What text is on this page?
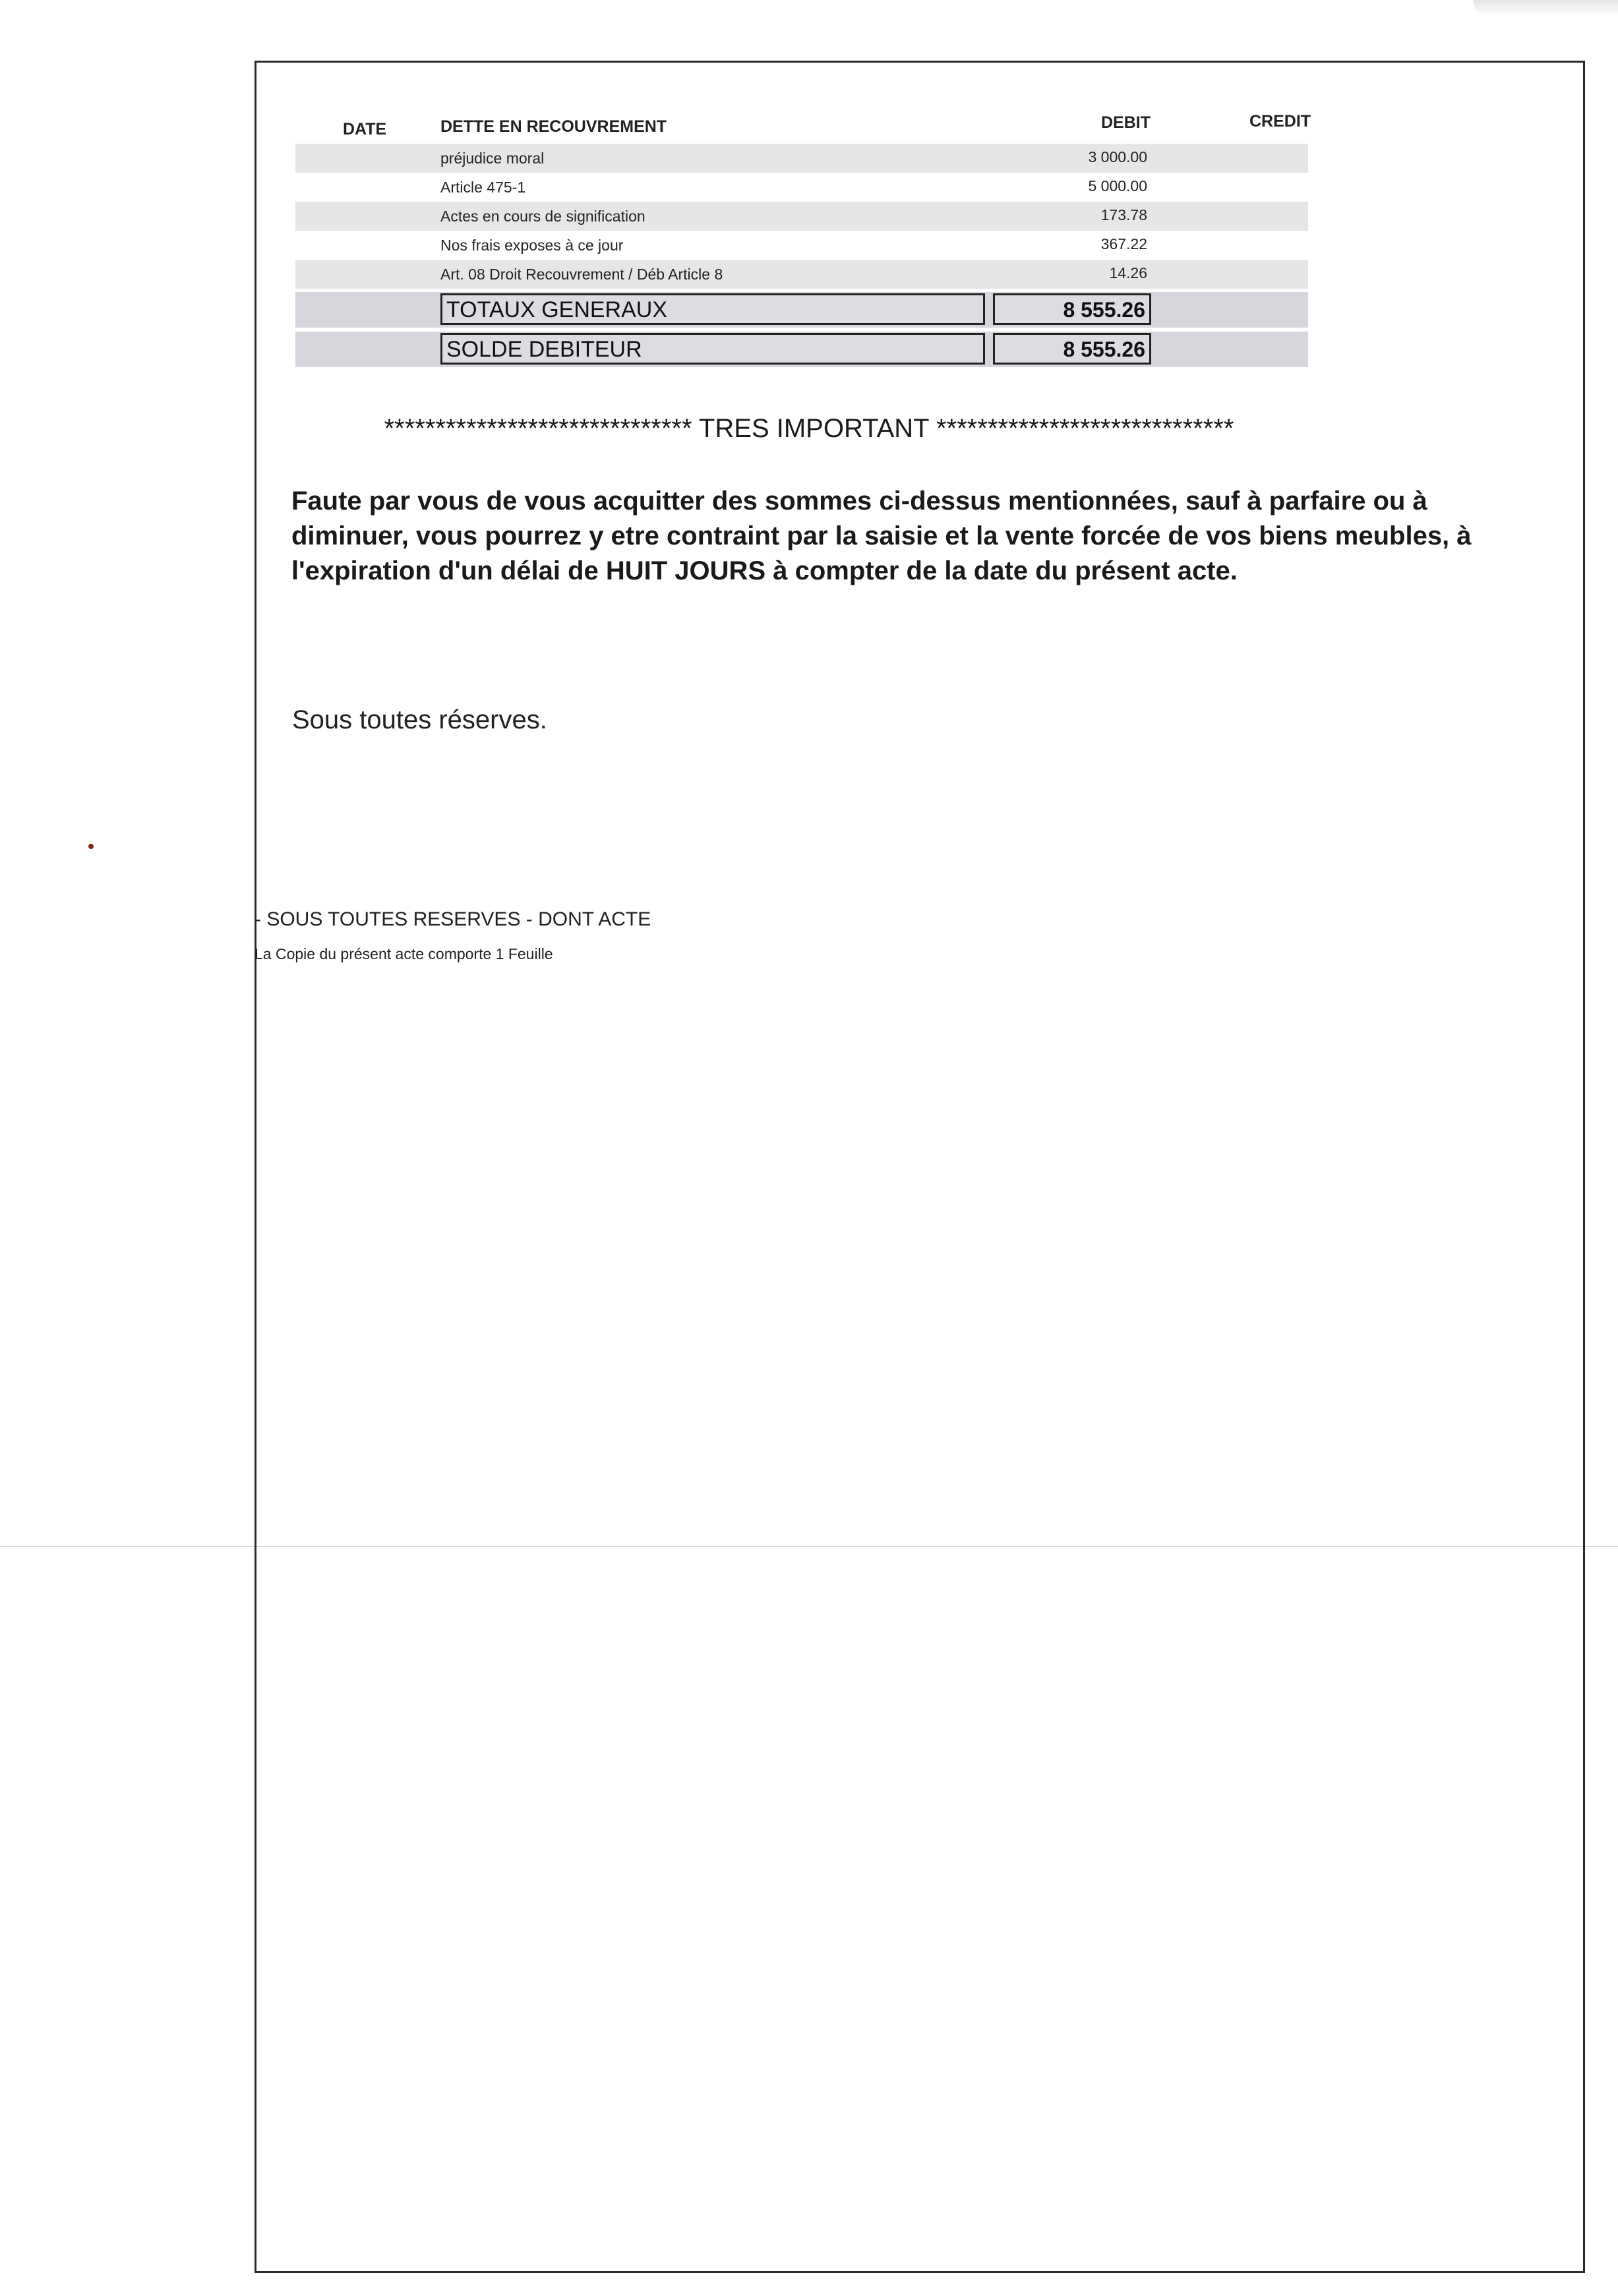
DATE	DETTE EN RECOUVREMENT	DEBIT	CREDIT
préjudice moral	3 000.00
Article 475-1	5 000.00
Actes en cours de signification	173.78
Nos frais exposes à ce jour	367.22
Art. 08 Droit Recouvrement / Déb Article 8	14.26
TOTAUX GENERAUX	8 555.26
SOLDE DEBITEUR	8 555.26
****************************** TRES IMPORTANT *****************************
Faute par vous de vous acquitter des sommes ci-dessus mentionnées, sauf à parfaire ou à diminuer, vous pourrez y etre contraint par la saisie et la vente forcée de vos biens meubles, à l'expiration d'un délai de HUIT JOURS à compter de la date du présent acte.
Sous toutes réserves.
- SOUS TOUTES RESERVES - DONT ACTE
La Copie du présent acte comporte 1 Feuille
